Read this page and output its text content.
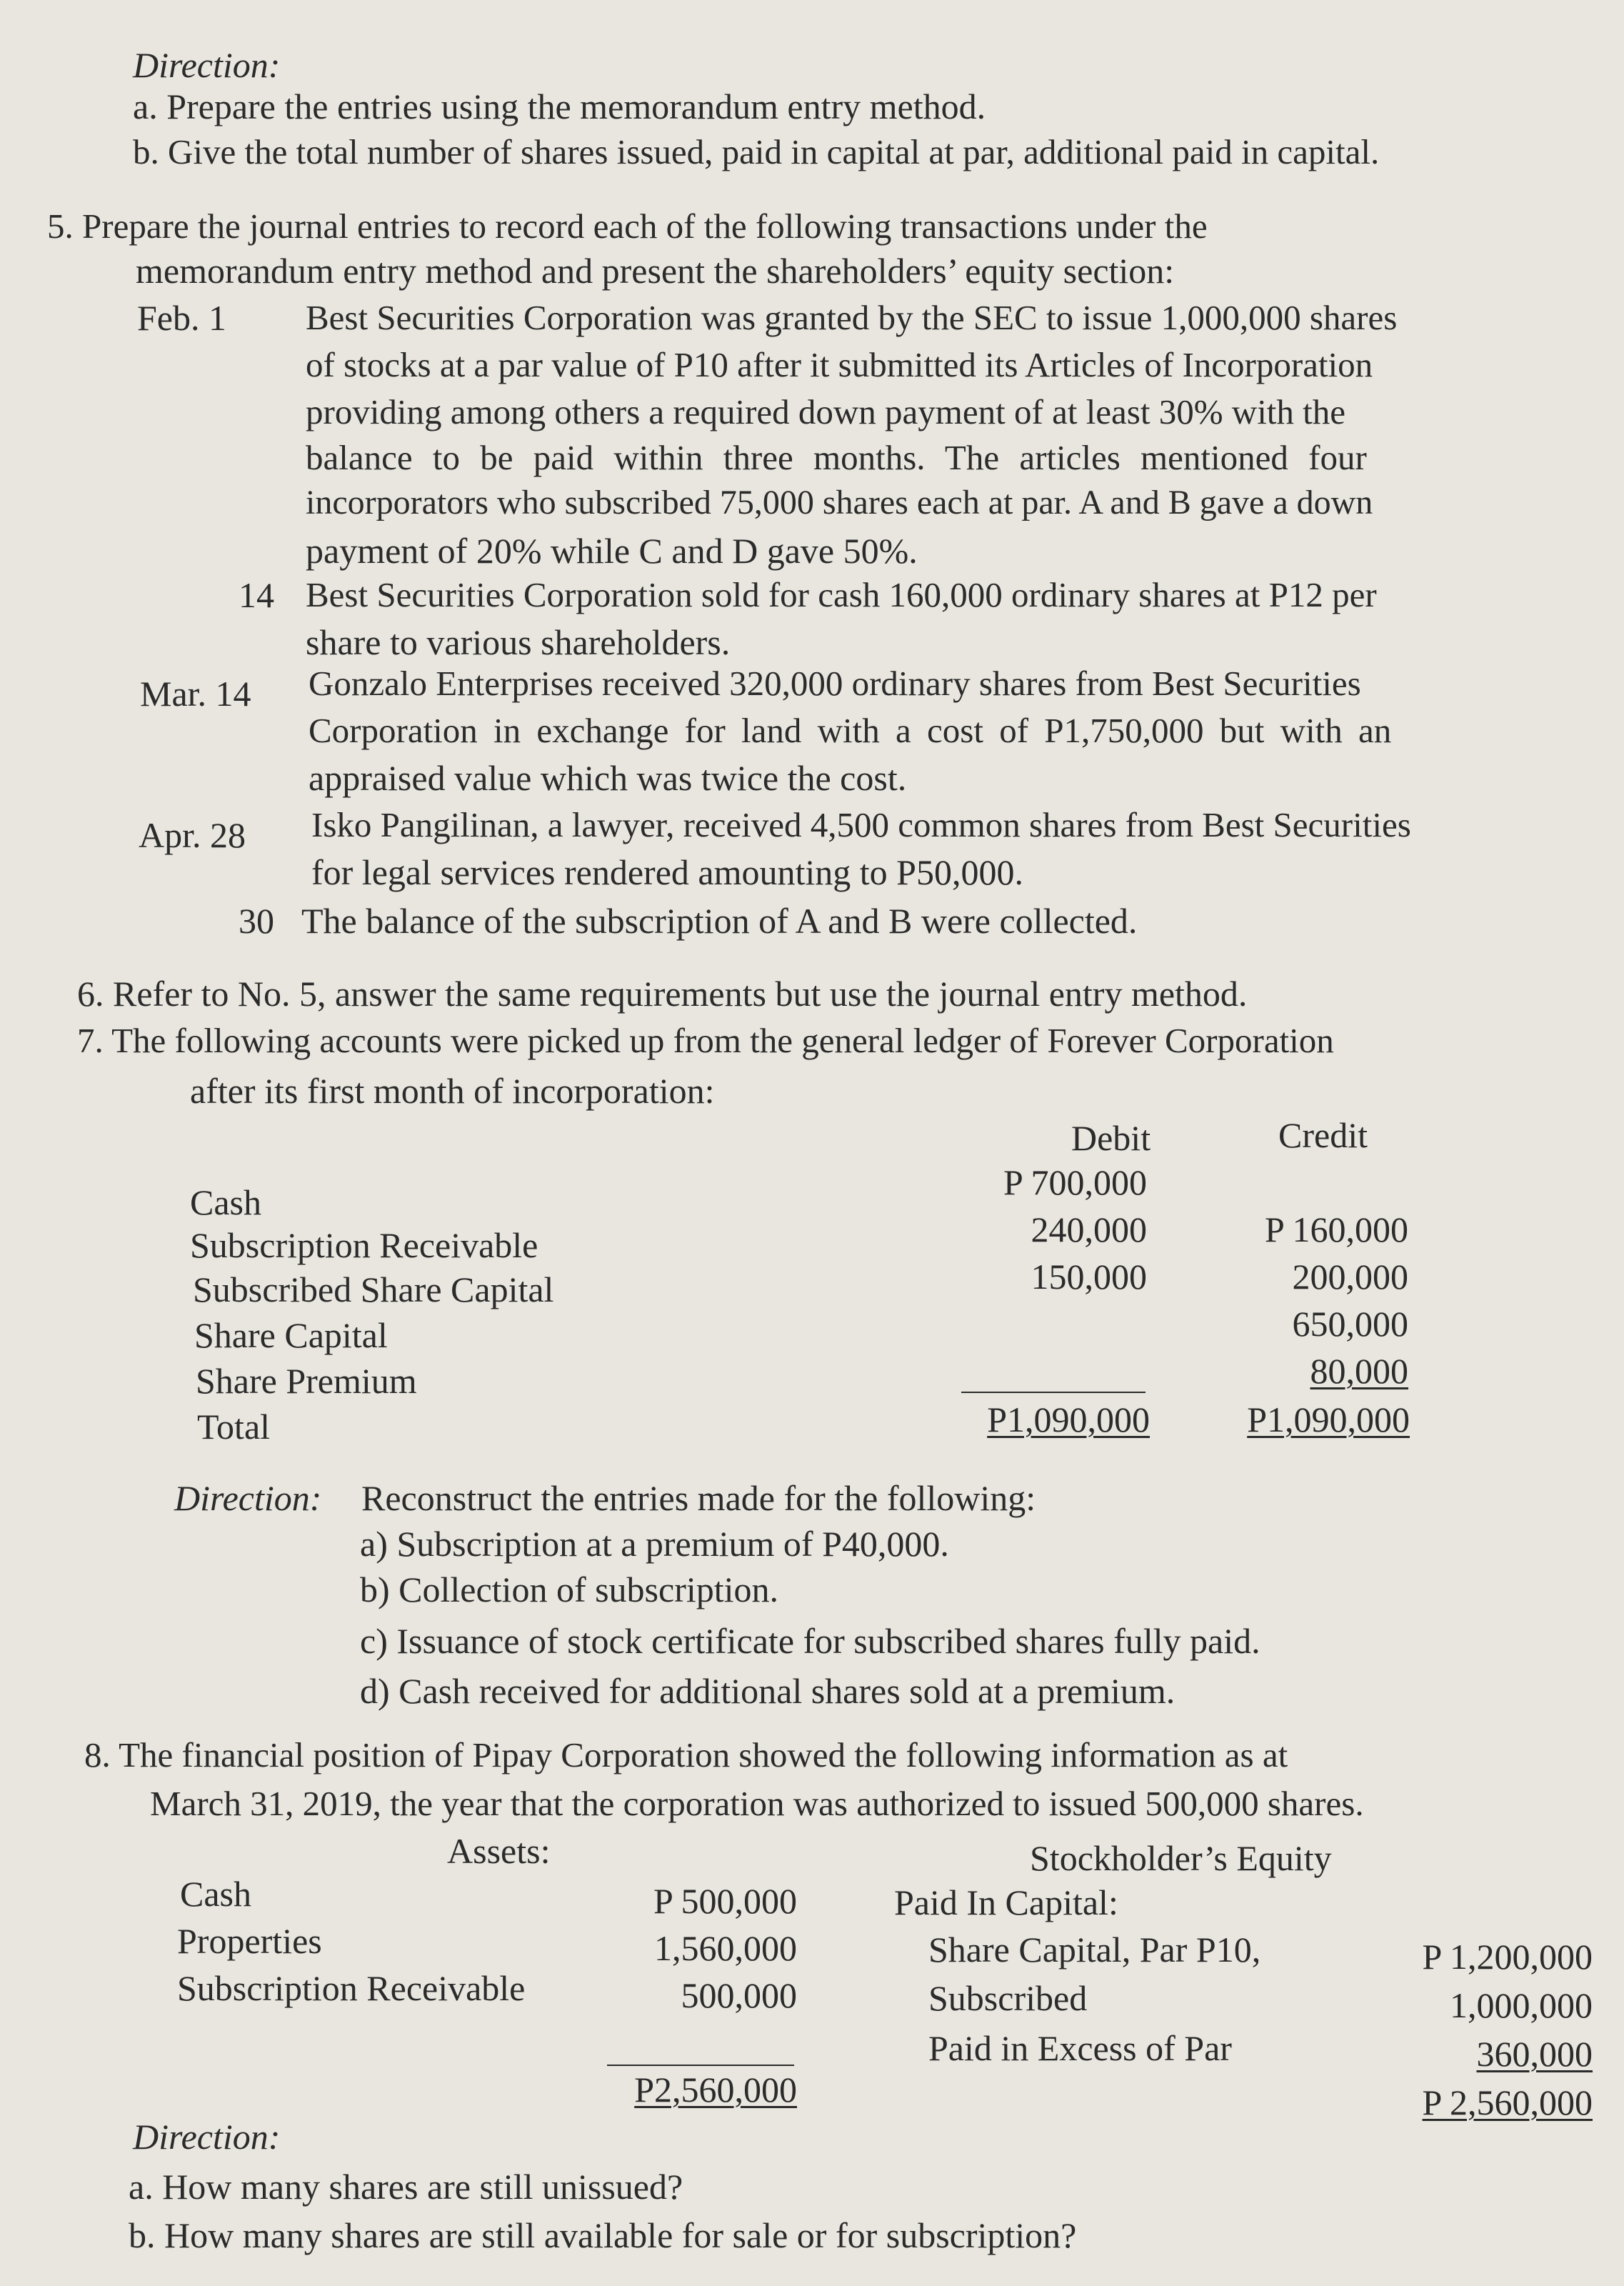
Direction:
a. Prepare the entries using the memorandum entry method.
b. Give the total number of shares issued, paid in capital at par, additional paid in capital.
5. Prepare the journal entries to record each of the following transactions under the
memorandum entry method and present the shareholders’ equity section:
Feb. 1 Best Securities Corporation was granted by the SEC to issue 1,000,000 shares
of stocks at a par value of P10 after it submitted its Articles of Incorporation
providing among others a required down payment of at least 30% with the
balance to be paid within three months. The articles mentioned four
incorporators who subscribed 75,000 shares each at par. A and B gave a down
payment of 20% while C and D gave 50%.
14 Best Securities Corporation sold for cash 160,000 ordinary shares at P12 per
share to various shareholders.
Mar. 14 Gonzalo Enterprises received 320,000 ordinary shares from Best Securities
Corporation in exchange for land with a cost of P1,750,000 but with an
appraised value which was twice the cost.
Apr. 28 Isko Pangilinan, a lawyer, received 4,500 common shares from Best Securities
for legal services rendered amounting to P50,000.
30 The balance of the subscription of A and B were collected.
6. Refer to No. 5, answer the same requirements but use the journal entry method.
7. The following accounts were picked up from the general ledger of Forever Corporation
after its first month of incorporation:
Debit	Credit
Cash
Subscription Receivable
Subscribed Share Capital
Share Capital
Share Premium
Total
P 700,000
240,000
150,000
P1,090,000
P 160,000
200,000
650,000
80,000
P1,090,000
Direction: Reconstruct the entries made for the following:
a) Subscription at a premium of P40,000.
b) Collection of subscription.
c) Issuance of stock certificate for subscribed shares fully paid.
d) Cash received for additional shares sold at a premium.
8. The financial position of Pipay Corporation showed the following information as at
March 31, 2019, the year that the corporation was authorized to issued 500,000 shares.
Assets:	Stockholder’s Equity
Cash
Properties
Subscription Receivable
P 500,000
1,560,000
500,000
P2,560,000
Paid In Capital:
Share Capital, Par P10,
Subscribed
Paid in Excess of Par
P 1,200,000
1,000,000
360,000
P 2,560,000
Direction:
a. How many shares are still unissued?
b. How many shares are still available for sale or for subscription?
